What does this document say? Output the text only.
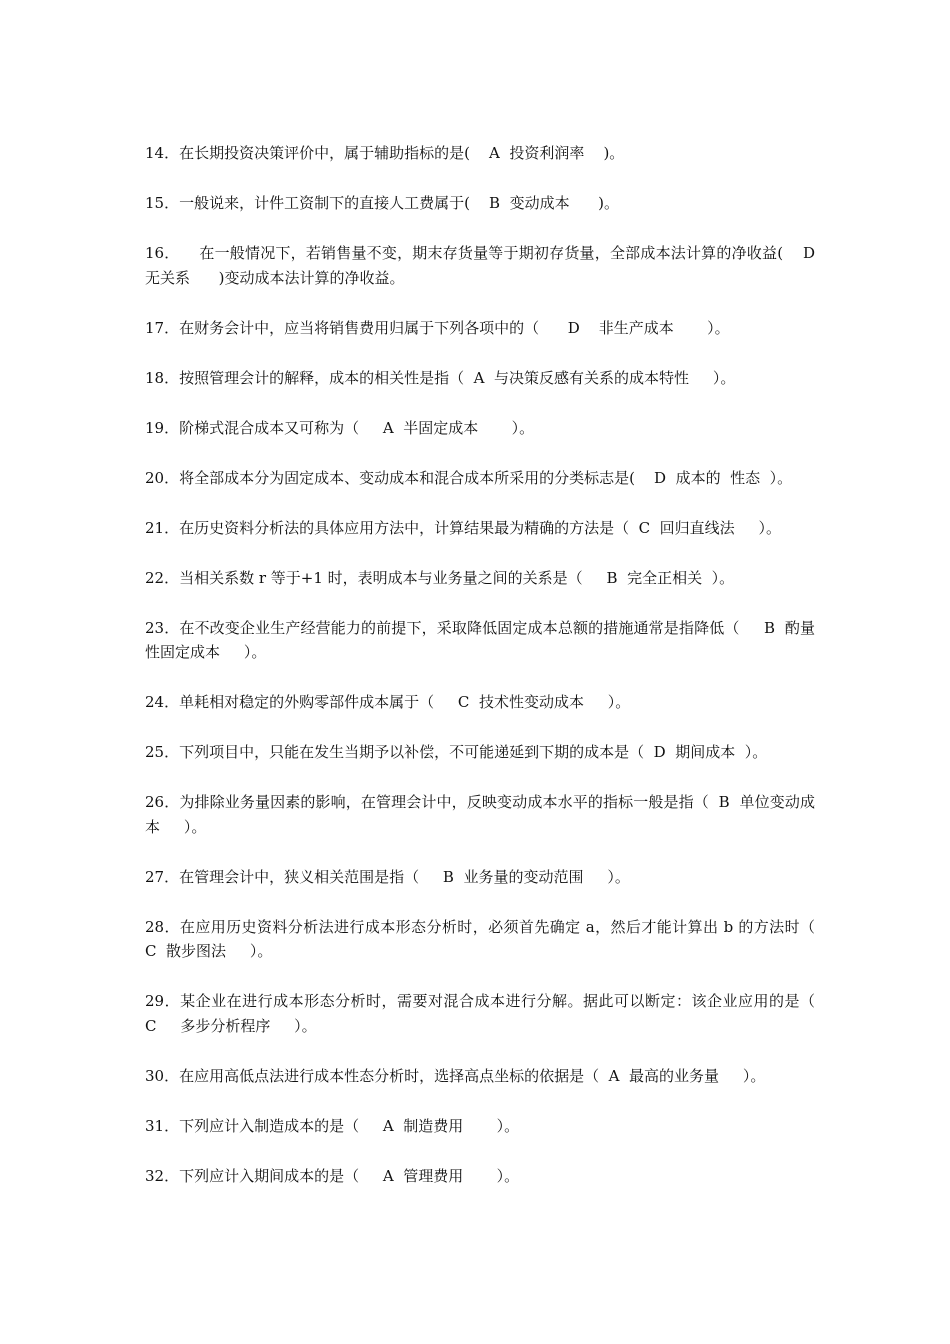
14．在长期投资决策评价中，属于辅助指标的是(    A  投资利润率    )。
15．一般说来，计件工资制下的直接人工费属于(    B  变动成本      )。
16．    在一般情况下，若销售量不变，期末存货量等于期初存货量，全部成本法计算的净收益(    D  无关系      )变动成本法计算的净收益。
17．在财务会计中，应当将销售费用归属于下列各项中的（      D    非生产成本       ）。
18．按照管理会计的解释，成本的相关性是指（  A  与决策反感有关系的成本特性     ）。
19．阶梯式混合成本又可称为（     A  半固定成本       ）。
20．将全部成本分为固定成本、变动成本和混合成本所采用的分类标志是(    D  成本的  性态  ）。
21．在历史资料分析法的具体应用方法中，计算结果最为精确的方法是（  C  回归直线法     ）。
22．当相关系数 r 等于+1 时，表明成本与业务量之间的关系是（     B  完全正相关  ）。
23．在不改变企业生产经营能力的前提下，采取降低固定成本总额的措施通常是指降低（     B  酌量性固定成本     ）。
24．单耗相对稳定的外购零部件成本属于（     C  技术性变动成本     ）。
25．下列项目中，只能在发生当期予以补偿，不可能递延到下期的成本是（  D  期间成本  ）。
26．为排除业务量因素的影响，在管理会计中，反映变动成本水平的指标一般是指（  B  单位变动成本     ）。
27．在管理会计中，狭义相关范围是指（     B  业务量的变动范围     ）。
28．在应用历史资料分析法进行成本形态分析时，必须首先确定 a，然后才能计算出 b 的方法时（  C  散步图法     ）。
29．某企业在进行成本形态分析时，需要对混合成本进行分解。据此可以断定：该企业应用的是（     C     多步分析程序     ）。
30．在应用高低点法进行成本性态分析时，选择高点坐标的依据是（  A  最高的业务量     ）。
31．下列应计入制造成本的是（     A  制造费用       ）。
32．下列应计入期间成本的是（     A  管理费用       ）。
